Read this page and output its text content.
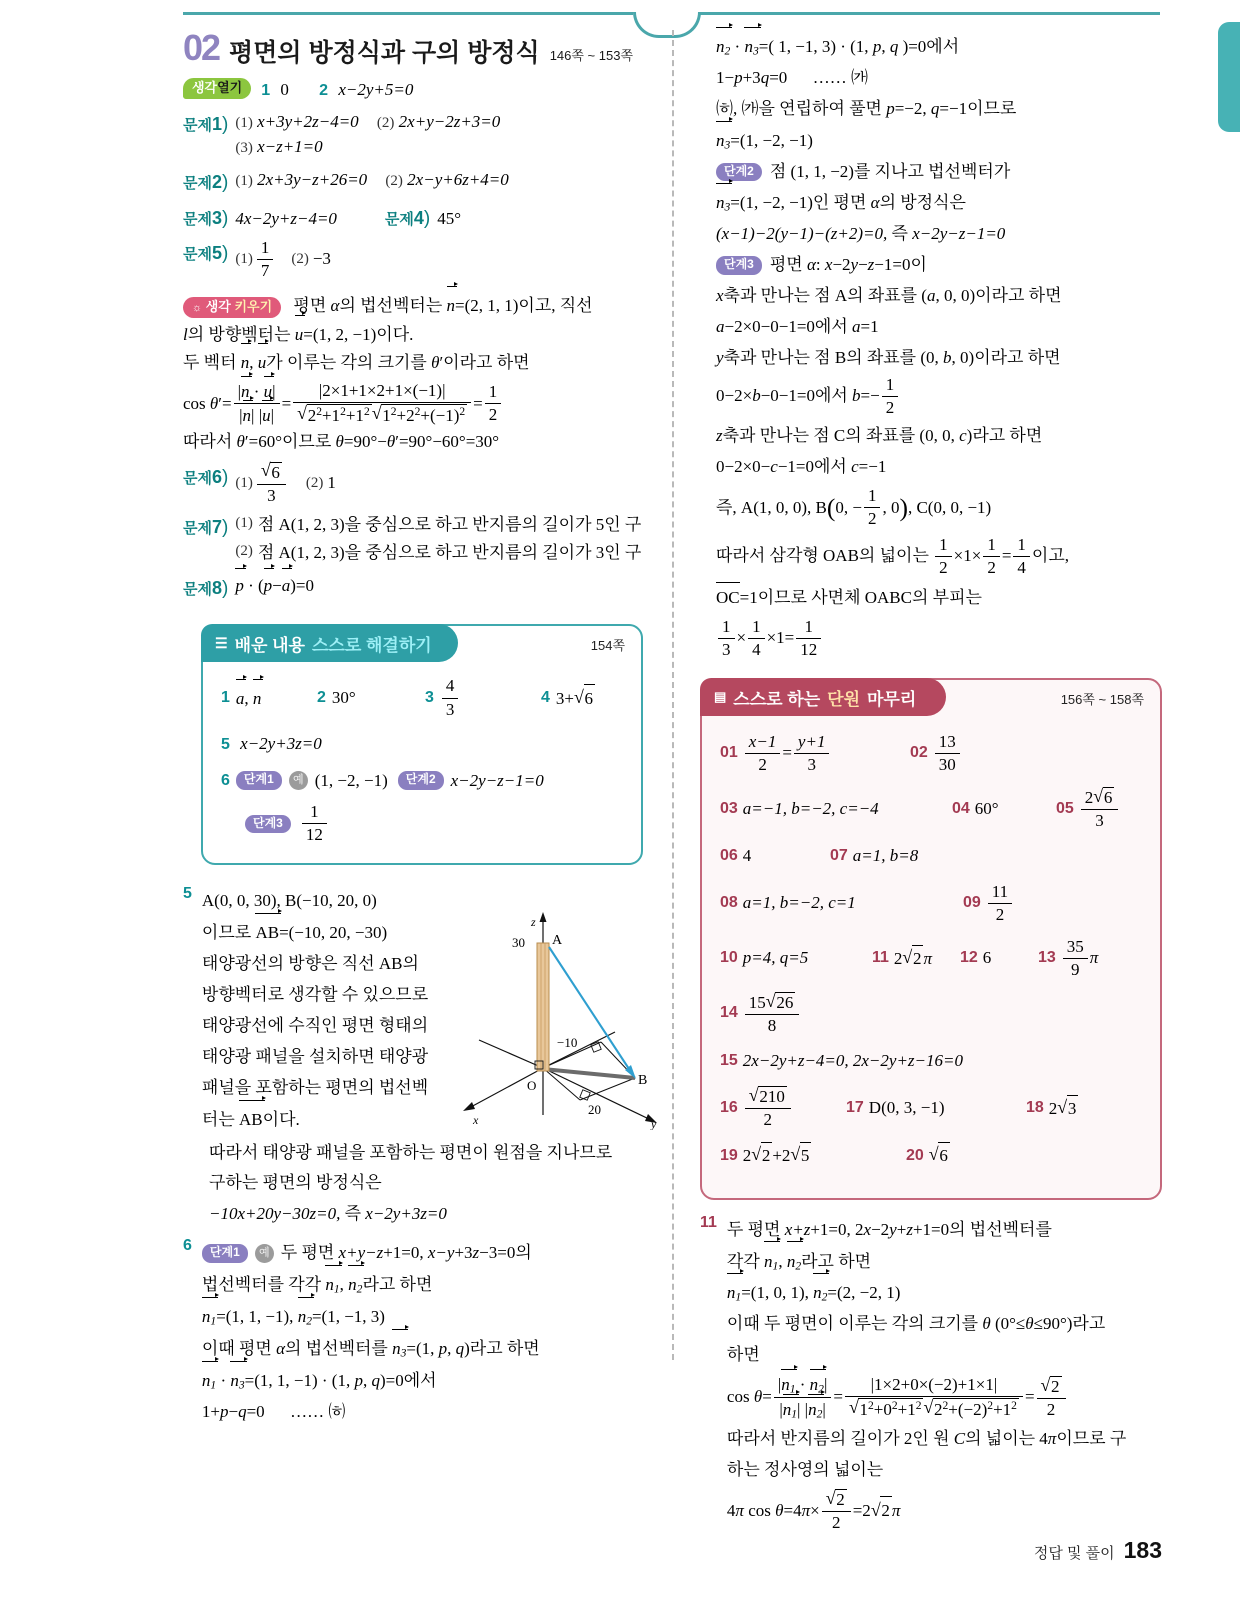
02 평면의 방정식과 구의 방정식 146쪽 ~ 153쪽
생각열기	1 0 2 x−2y+5=0
문제1) (1) x+3y+2z−4=0 (2) 2x+y−2z+3=0
(3) x−z+1=0
문제2) (1) 2x+3y−z+26=0 (2) 2x−y+6z+4=0
문제3) 4x−2y+z−4=0	문제4) 45°
문제5) $(1) \frac{1}{7} (2) -3$
☼ 생각 키우기 평면 α의 법선벡터는 n=(2, 1, 1)이고, 직선
l의 방향벡터는 u=(1, 2, −1)이다.
두 벡터 n, u가 이루는 각의 크기를 θ′이라고 하면
$\cos \theta'= \frac{|n \cdot u|}{|n| |u|} = |2\times 1+1\times 2+1\times(-1)|$
√ $2^2+1^2+1^2$ √ $1^2+2^2+(-1)^2 = \frac{1}{2}$
따라서 θ′=60°이므로 θ=90°−θ′=90°−60°=30°
문제6) (1) √ $\frac{6}{3} (2)$ 1
문제7) (1) 점 A(1, 2, 3)을 중심으로 하고 반지름의 길이가 5인 구
(2) 점 A(1, 2, 3)을 중심으로 하고 반지름의 길이가 3인 구
문제8) p · (p−a)=0
☰ 배운 내용 스스로 해결하기	154쪽
1 a, n	2 30°	$3 \frac{4}{3}$	4 3+ √ 6
5 x−2y+3z=0
6	단계1	예 (1, −2, −1)	단계2 x−2y−z−1=0
단계3	$\frac{1}{12}$
5 A(0, 0, 30), B(−10, 20, 0)
이므로 AB=(−10, 20, −30)
태양광선의 방향은 직선 AB의
방향벡터로 생각할 수 있으므로
태양광선에 수직인 평면 형태의
태양광 패널을 설치하면 태양광
패널을 포함하는 평면의 법선벡
터는 AB이다.
따라서 태양광 패널을 포함하는 평면이 원점을 지나므로
구하는 평면의 방정식은
−10x+20y−30z=0, 즉 x−2y+3z=0
6	단계1	예 두 평면 x+y−z+1=0, x−y+3z−3=0의
법선벡터를 각각 $n_1$, $n_2$라고 하면
$n_1=(1$, 1, −1), $n_2=(1$, −1, 3)
이때 평면 α의 법선벡터를 $n_3=(1$, p, q)라고 하면
$n_1 \cdot n_3=(1$, 1, −1) · (1, p, q)=0에서
1+p−q=0      …… ㈍
z
x	y
30 A
B
O
−10
20
$n_2 \cdot n_3=$( 1, −1, 3) · (1, p, q )=0에서
1−p+3q=0      …… ㈎
㈍, ㈎을 연립하여 풀면 p=−2, q=−1이므로
$n_3=(1$, −2, −1)
단계2 점 (1, 1, −2)를 지나고 법선벡터가
$n_3=(1$, −2, −1)인 평면 α의 방정식은
(x−1)−2(y−1)−(z+2)=0, 즉 x−2y−z−1=0
단계3 평면 α: x−2y−z−1=0이
x축과 만나는 점 A의 좌표를 (a, 0, 0)이라고 하면
a−2×0−0−1=0에서 a=1
y축과 만나는 점 B의 좌표를 (0, b, 0)이라고 하면
0−2×b−0−1=0에서 $b=- \frac{1}{2}$
z축과 만나는 점 C의 좌표를 (0, 0, c)라고 하면
0−2×0−c−1=0에서 c=−1
즉, A(1, 0, 0), B(0, − $\frac{1}{2}$ , 0), C(0, 0, −1)
따라서 삼각형 OAB의 넓이는 $\frac{1}{2} \times 1\times \frac{1}{2} = \frac{1}{4}$ 이고,
OC=1이므로 사면체 OABC의 부피는
$\frac{1}{3} \times \frac{1}{4} \times 1= \frac{1}{12}$
▤ 스스로 하는 단원 마무리	156쪽 ~ 158쪽
$01 \frac{x-1}{2} = \frac{y+1}{3}$	$02 \frac{13}{30}$
03 a=−1, b=−2, c=−4	04 60°	$05 \frac{2 √ 6}{3}$
06 4	07 a=1, b=8
08 a=1, b=−2, c=1	$09 \frac{11}{2}$
10 p=4, q=5	11 2 √ 2 π 12 6	$13 \frac{35}{9}$ π
$14 \frac{15 √ 26}{8}$
15 2x−2y+z−4=0, 2x−2y+z−16=0
16 √ $\frac{210}{2}$	17 D(0, 3, −1)	18 2 √ 3
19 2 √ 2 +2 √ 5	20 √ 6
11 두 평면 x+z+1=0, 2x−2y+z+1=0의 법선벡터를
각각 $n_1$, $n_2$라고 하면
$n_1=(1$, 0, 1), $n_2=(2$, −2, 1)
이때 두 평면이 이루는 각의 크기를 θ (0°≤θ≤90°)라고
하면
$\cos \theta= \frac{|n_1 \cdot n_2|}{|n_1| |n_2|} = |1\times 2+0\times(-2)+1\times 1|$
√ $1^2+0^2+1^2$ √ $2^2+(-2)^2+1^2$ = √ $\frac{2}{2}$
따라서 반지름의 길이가 2인 원 C의 넓이는 4π이므로 구
하는 정사영의 넓이는
4π cos θ=4π× √ $\frac{2}{2} =2$ √ 2 π
정답 및 풀이 183
